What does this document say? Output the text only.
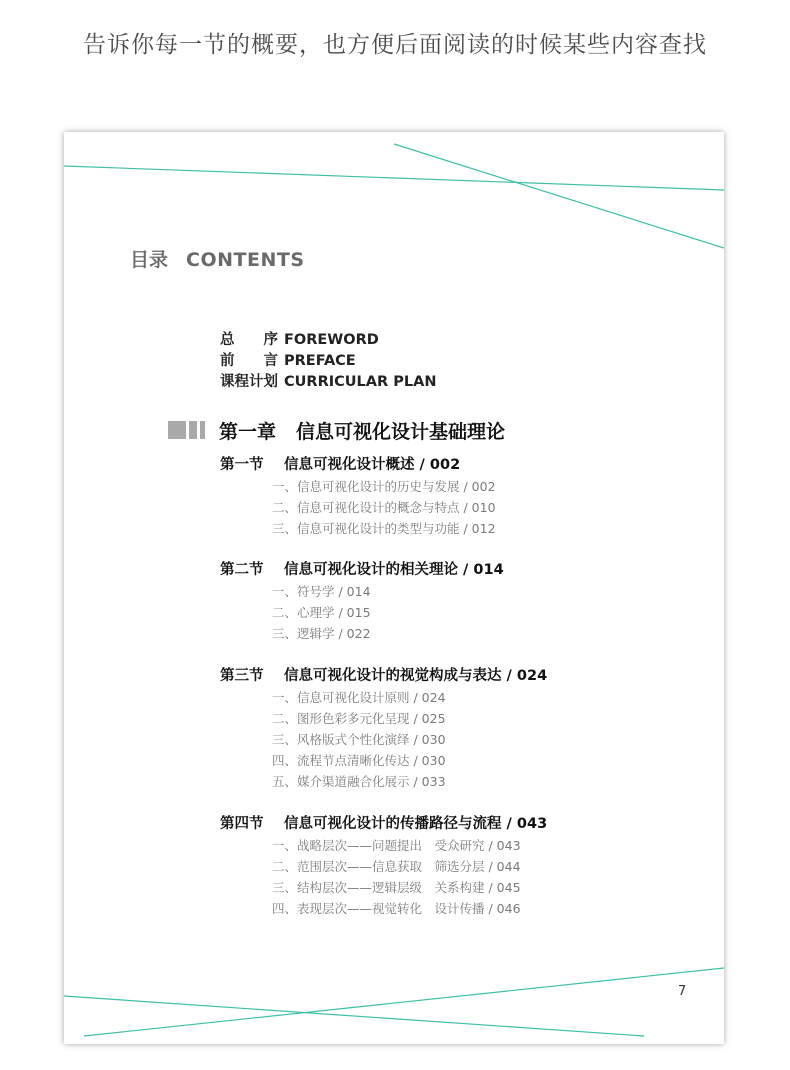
告诉你每一节的概要，也方便后面阅读的时候某些内容查找
目录 CONTENTS
总　　序 FOREWORD
前　　言 PREFACE
课程计划 CURRICULAR PLAN
第一章 信息可视化设计基础理论
第一节 信息可视化设计概述 / 002
一、信息可视化设计的历史与发展 / 002
二、信息可视化设计的概念与特点 / 010
三、信息可视化设计的类型与功能 / 012
第二节 信息可视化设计的相关理论 / 014
一、符号学 / 014
二、心理学 / 015
三、逻辑学 / 022
第三节 信息可视化设计的视觉构成与表达 / 024
一、信息可视化设计原则 / 024
二、图形色彩多元化呈现 / 025
三、风格版式个性化演绎 / 030
四、流程节点清晰化传达 / 030
五、媒介渠道融合化展示 / 033
第四节 信息可视化设计的传播路径与流程 / 043
一、战略层次——问题提出　受众研究 / 043
二、范围层次——信息获取　筛选分层 / 044
三、结构层次——逻辑层级　关系构建 / 045
四、表现层次——视觉转化　设计传播 / 046
7
